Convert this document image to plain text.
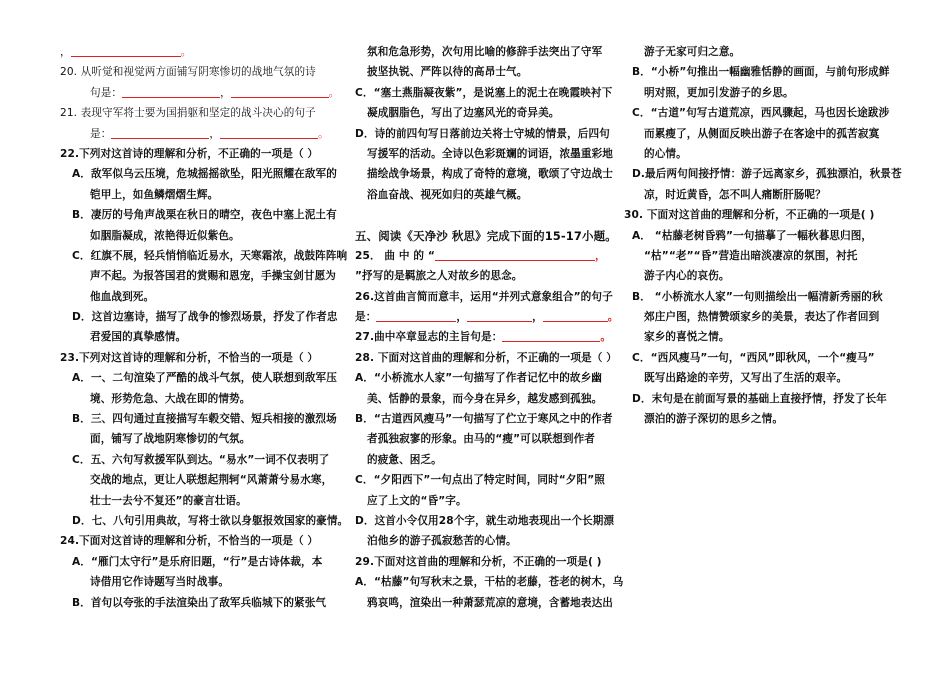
，	。
20. 从听觉和视觉两方面铺写阴寒惨切的战地气氛的诗
句是：	，	。
21. 表现守军将士要为国捐躯和坚定的战斗决心的句子
是：	，	。
22.下列对这首诗的理解和分析，不正确的一项是（ ）
A．敌军似乌云压境，危城摇摇欲坠，阳光照耀在敌军的
铠甲上，如鱼鳞熠熠生辉。
B．凄厉的号角声战栗在秋日的晴空，夜色中塞上泥土有
如胭脂凝成，浓艳得近似紫色。
C．红旗不展，轻兵悄悄临近易水，天寒霜浓，战鼓阵阵响
声不起。为报答国君的赏赐和恩宠，手操宝剑甘愿为
他血战到死。
D．这首边塞诗，描写了战争的惨烈场景，抒发了作者忠
君爱国的真挚感情。
23.下列对这首诗的理解和分析，不恰当的一项是（ ）
A．一、二句渲染了严酷的战斗气氛，使人联想到敌军压
境、形势危急、大战在即的情势。
B．三、四句通过直接描写车毂交错、短兵相接的激烈场
面，铺写了战地阴寒惨切的气氛。
C．五、六句写救援军队到达。“易水”一词不仅表明了
交战的地点，更让人联想起荆轲“风萧萧兮易水寒，
壮士一去兮不复还”的豪言壮语。
D．七、八句引用典故，写将士欲以身躯报效国家的豪情。
24.下面对这首诗的理解和分析，不恰当的一项是（ ）
A．“雁门太守行”是乐府旧题，“行”是古诗体裁，本
诗借用它作诗题写当时战事。
B．首句以夸张的手法渲染出了敌军兵临城下的紧张气
氛和危急形势，次句用比喻的修辞手法突出了守军
披坚执锐、严阵以待的高昂士气。
C．“塞土燕脂凝夜紫”，是说塞上的泥土在晚霞映衬下
凝成胭脂色，写出了边塞风光的奇异美。
D．诗的前四句写日落前边关将士守城的情景，后四句
写援军的活动。全诗以色彩斑斓的词语，浓墨重彩地
描绘战争场景，构成了奇特的意境，歌颂了守边战士
浴血奋战、视死如归的英雄气概。
五、阅读《天净沙 秋思》完成下面的15-17小题。
25． 曲 中 的 “	，
”抒写的是羁旅之人对故乡的思念。
26.这首曲言简而意丰，运用“并列式意象组合”的句子
是：	，	，	。
27.曲中卒章显志的主旨句是：	。
28. 下面对这首曲的理解和分析，不正确的一项是（ ）
A．“小桥流水人家”一句描写了作者记忆中的故乡幽
美、恬静的景象，而今身在异乡，越发感到孤独。
B．“古道西风瘦马”一句描写了伫立于寒风之中的作者
者孤独寂寥的形象。由马的“瘦”可以联想到作者
的疲惫、困乏。
C．“夕阳西下”一句点出了特定时间，同时“夕阳”照
应了上文的“昏”字。
D．这首小令仅用28个字，就生动地表现出一个长期漂
泊他乡的游子孤寂愁苦的心情。
29.下面对这首曲的理解和分析，不正确的一项是( )
A．“枯藤”句写秋末之景，干枯的老藤，苍老的树木，乌
鸦哀鸣，渲染出一种萧瑟荒凉的意境，含蓄地表达出
游子无家可归之意。
B．“小桥”句推出一幅幽雅恬静的画面，与前句形成鲜
明对照，更加引发游子的乡思。
C．“古道”句写古道荒凉，西风骤起，马也因长途跋涉
而累瘦了，从侧面反映出游子在客途中的孤苦寂寞
的心情。
D.最后两句间接抒情：游子远离家乡，孤独漂泊，秋景苍
凉，时近黄昏，怎不叫人痛断肝肠呢？
30. 下面对这首曲的理解和分析，不正确的一项是( )
A． “枯藤老树昏鸦”一句描摹了一幅秋暮思归图，
“枯”“老”“昏”营造出暗淡凄凉的氛围，衬托
游子内心的哀伤。
B． “小桥流水人家”一句则描绘出一幅清新秀丽的秋
郊庄户图，热情赞颂家乡的美景，表达了作者回到
家乡的喜悦之情。
C．“西风瘦马”一句，“西风”即秋风，一个“瘦马”
既写出路途的辛劳，又写出了生活的艰辛。
D．末句是在前面写景的基础上直接抒情，抒发了长年
漂泊的游子深切的思乡之情。
